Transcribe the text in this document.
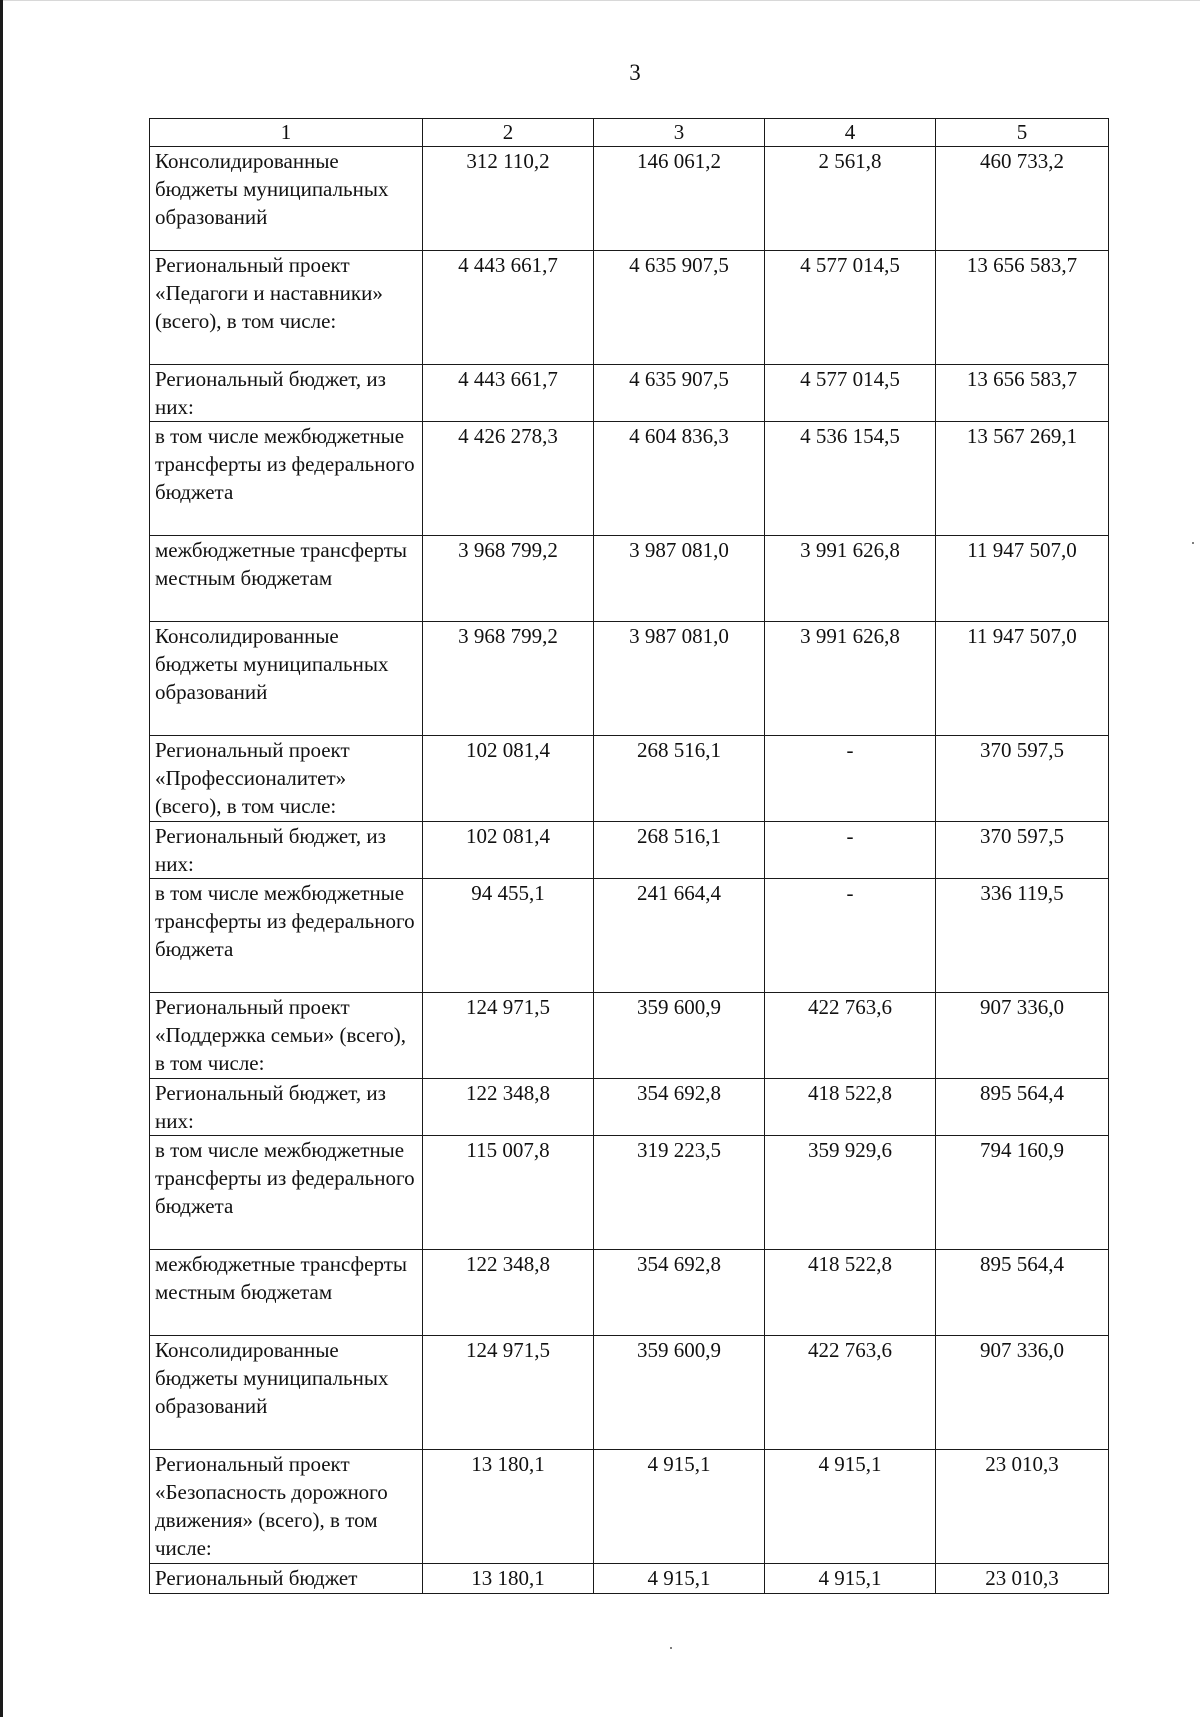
3
1	2	3	4	5
Консолидированные бюджеты муниципальных образований	312 110,2	146 061,2	2 561,8	460 733,2
Региональный проект «Педагоги и наставники» (всего), в том числе:	4 443 661,7	4 635 907,5	4 577 014,5	13 656 583,7
Региональный бюджет, из них:	4 443 661,7	4 635 907,5	4 577 014,5	13 656 583,7
в том числе межбюджетные трансферты из федерального бюджета	4 426 278,3	4 604 836,3	4 536 154,5	13 567 269,1
межбюджетные трансферты местным бюджетам	3 968 799,2	3 987 081,0	3 991 626,8	11 947 507,0
Консолидированные бюджеты муниципальных образований	3 968 799,2	3 987 081,0	3 991 626,8	11 947 507,0
Региональный проект «Профессионалитет» (всего), в том числе:	102 081,4	268 516,1	-	370 597,5
Региональный бюджет, из них:	102 081,4	268 516,1	-	370 597,5
в том числе межбюджетные трансферты из федерального бюджета	94 455,1	241 664,4	-	336 119,5
Региональный проект «Поддержка семьи» (всего), в том числе:	124 971,5	359 600,9	422 763,6	907 336,0
Региональный бюджет, из них:	122 348,8	354 692,8	418 522,8	895 564,4
в том числе межбюджетные трансферты из федерального бюджета	115 007,8	319 223,5	359 929,6	794 160,9
межбюджетные трансферты местным бюджетам	122 348,8	354 692,8	418 522,8	895 564,4
Консолидированные бюджеты муниципальных образований	124 971,5	359 600,9	422 763,6	907 336,0
Региональный проект «Безопасность дорожного движения» (всего), в том числе:	13 180,1	4 915,1	4 915,1	23 010,3
Региональный бюджет	13 180,1	4 915,1	4 915,1	23 010,3
